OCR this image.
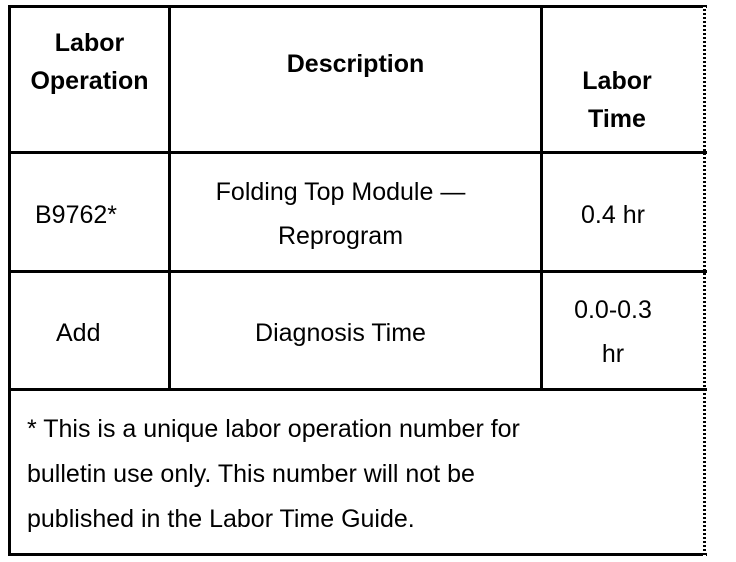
Labor
Operation
Description
Labor
Time
B9762*
Folding Top Module —
Reprogram
0.4 hr
Add	Diagnosis Time
0.0-0.3
hr
* This is a unique labor operation number for
bulletin use only. This number will not be
published in the Labor Time Guide.
